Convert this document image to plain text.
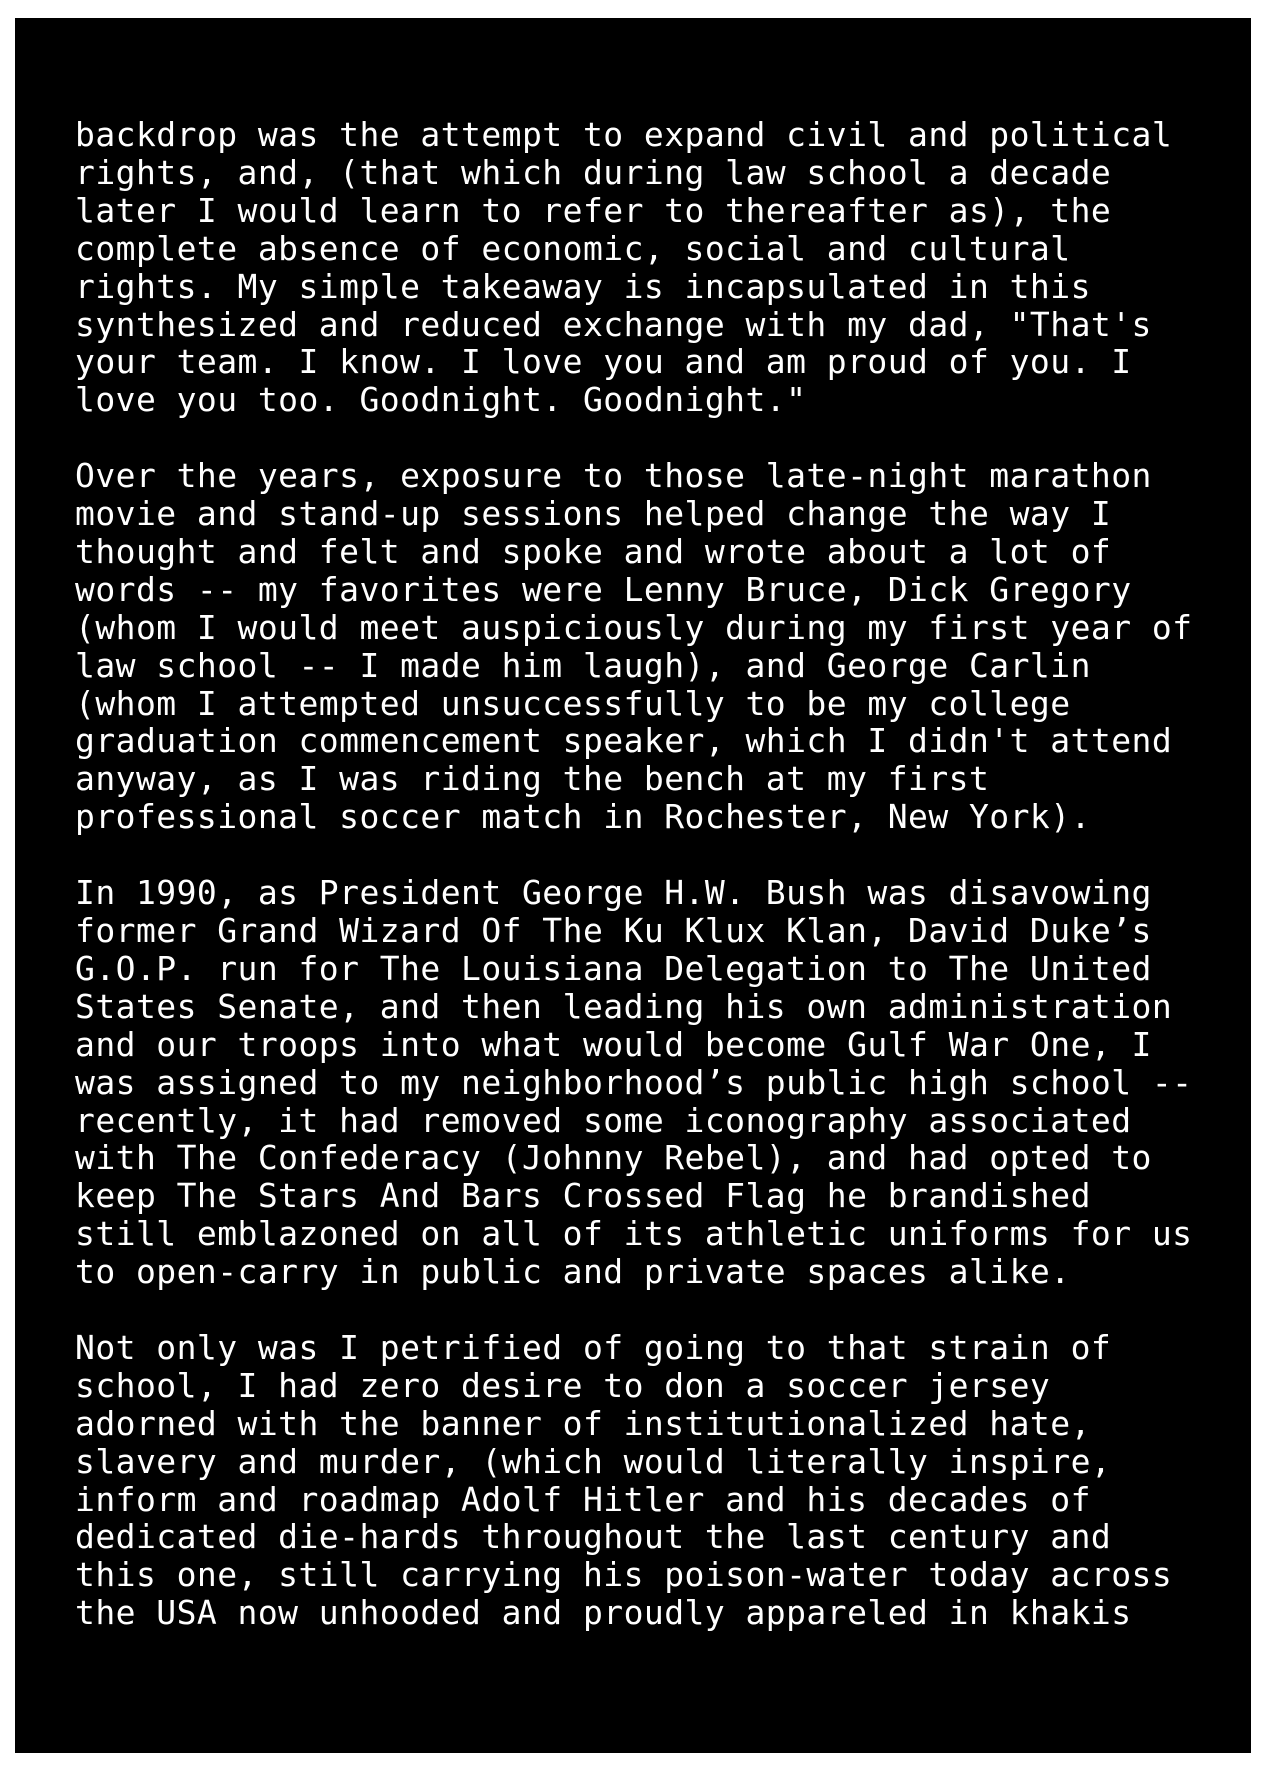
backdrop was the attempt to expand civil and political
rights, and, (that which during law school a decade
later I would learn to refer to thereafter as), the
complete absence of economic, social and cultural
rights. My simple takeaway is incapsulated in this
synthesized and reduced exchange with my dad, "That's
your team. I know. I love you and am proud of you. I
love you too. Goodnight. Goodnight."

Over the years, exposure to those late-night marathon
movie and stand-up sessions helped change the way I
thought and felt and spoke and wrote about a lot of
words -- my favorites were Lenny Bruce, Dick Gregory
(whom I would meet auspiciously during my first year of
law school -- I made him laugh), and George Carlin
(whom I attempted unsuccessfully to be my college
graduation commencement speaker, which I didn't attend
anyway, as I was riding the bench at my first
professional soccer match in Rochester, New York).

In 1990, as President George H.W. Bush was disavowing
former Grand Wizard Of The Ku Klux Klan, David Duke’s
G.O.P. run for The Louisiana Delegation to The United
States Senate, and then leading his own administration
and our troops into what would become Gulf War One, I
was assigned to my neighborhood’s public high school --
recently, it had removed some iconography associated
with The Confederacy (Johnny Rebel), and had opted to
keep The Stars And Bars Crossed Flag he brandished
still emblazoned on all of its athletic uniforms for us
to open-carry in public and private spaces alike.

Not only was I petrified of going to that strain of
school, I had zero desire to don a soccer jersey
adorned with the banner of institutionalized hate,
slavery and murder, (which would literally inspire,
inform and roadmap Adolf Hitler and his decades of
dedicated die-hards throughout the last century and
this one, still carrying his poison-water today across
the USA now unhooded and proudly appareled in khakis
